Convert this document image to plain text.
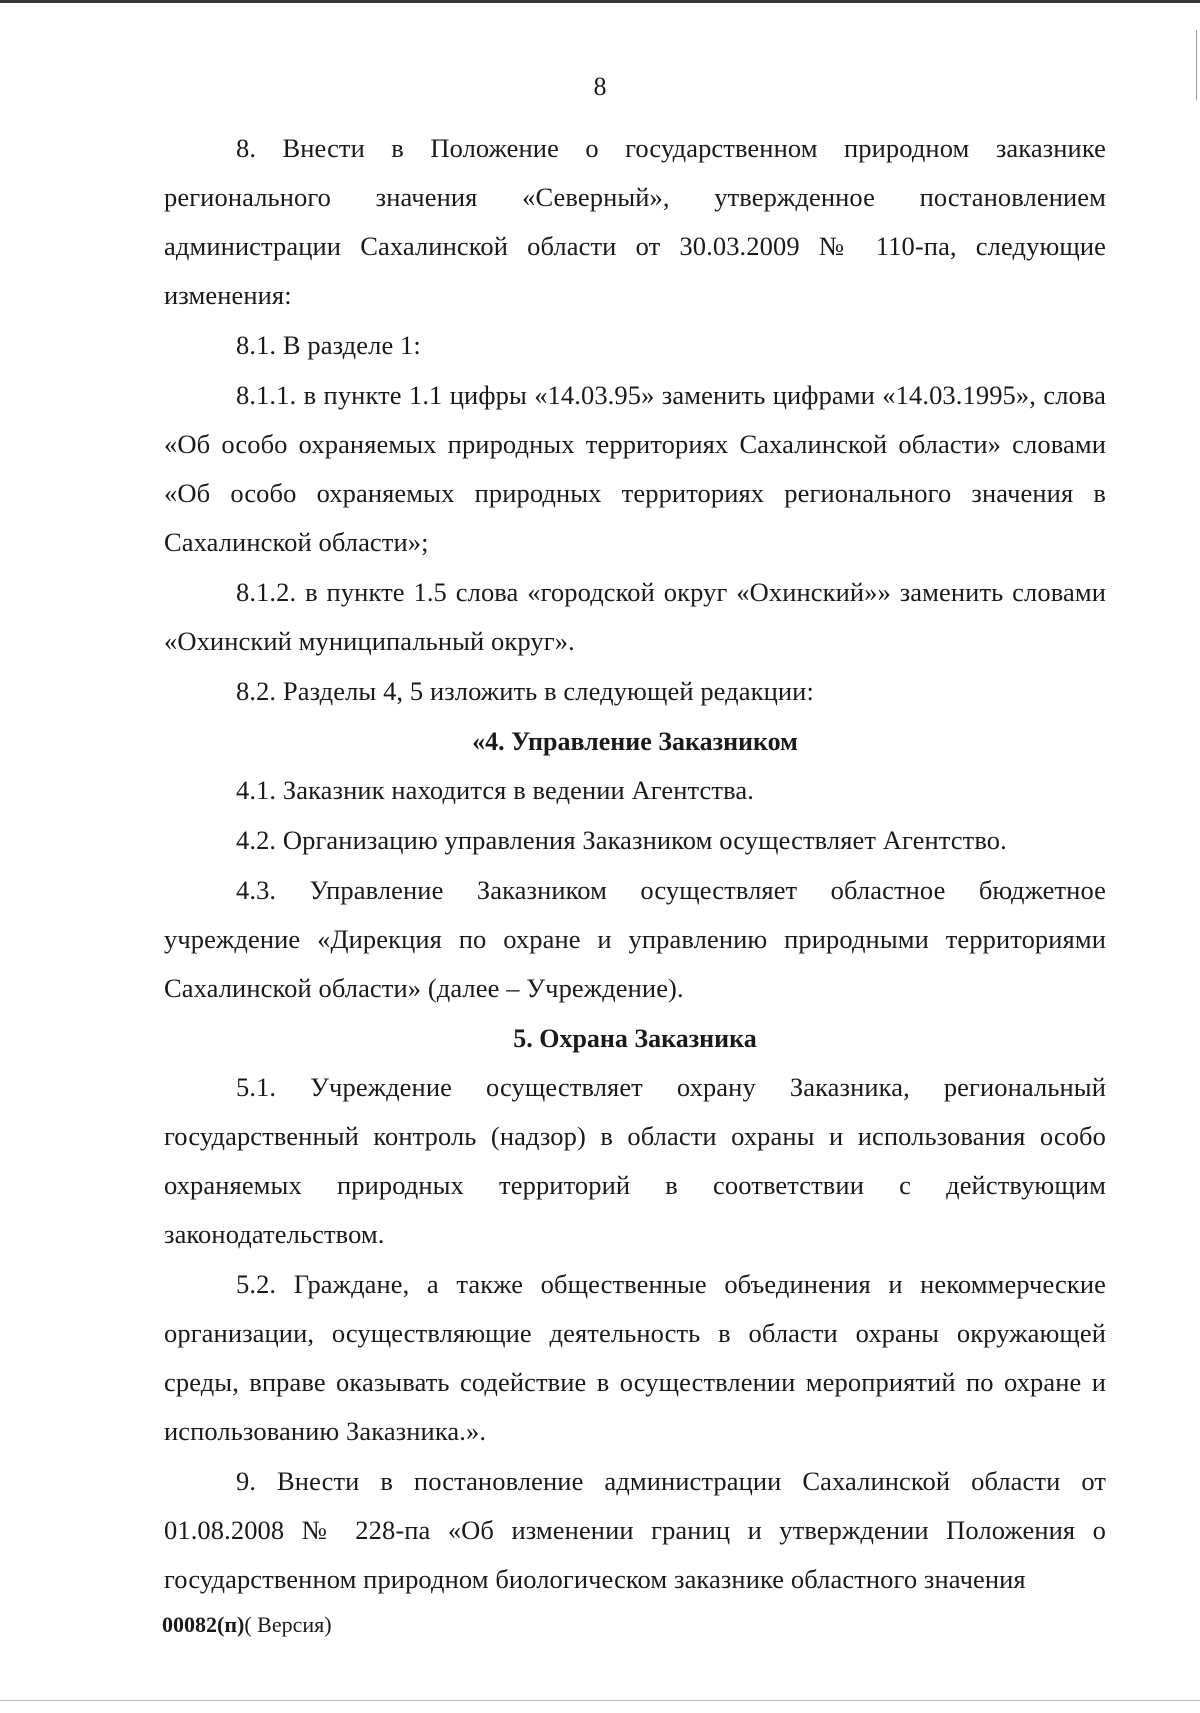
8

8. Внести в Положение о государственном природном заказнике регионального значения «Северный», утвержденное постановлением администрации Сахалинской области от 30.03.2009 № 110-па, следующие изменения:

8.1. В разделе 1:

8.1.1. в пункте 1.1 цифры «14.03.95» заменить цифрами «14.03.1995», слова «Об особо охраняемых природных территориях Сахалинской области» словами «Об особо охраняемых природных территориях регионального значения в Сахалинской области»;

8.1.2. в пункте 1.5 слова «городской округ «Охинский»» заменить словами «Охинский муниципальный округ».

8.2. Разделы 4, 5 изложить в следующей редакции:

«4. Управление Заказником

4.1. Заказник находится в ведении Агентства.

4.2. Организацию управления Заказником осуществляет Агентство.

4.3. Управление Заказником осуществляет областное бюджетное учреждение «Дирекция по охране и управлению природными территориями Сахалинской области» (далее – Учреждение).

5. Охрана Заказника

5.1. Учреждение осуществляет охрану Заказника, региональный государственный контроль (надзор) в области охраны и использования особо охраняемых природных территорий в соответствии с действующим законодательством.

5.2. Граждане, а также общественные объединения и некоммерческие организации, осуществляющие деятельность в области охраны окружающей среды, вправе оказывать содействие в осуществлении мероприятий по охране и использованию Заказника.».

9. Внести в постановление администрации Сахалинской области от 01.08.2008 № 228-па «Об изменении границ и утверждении Положения о государственном природном биологическом заказнике областного значения

00082(п)( Версия)
